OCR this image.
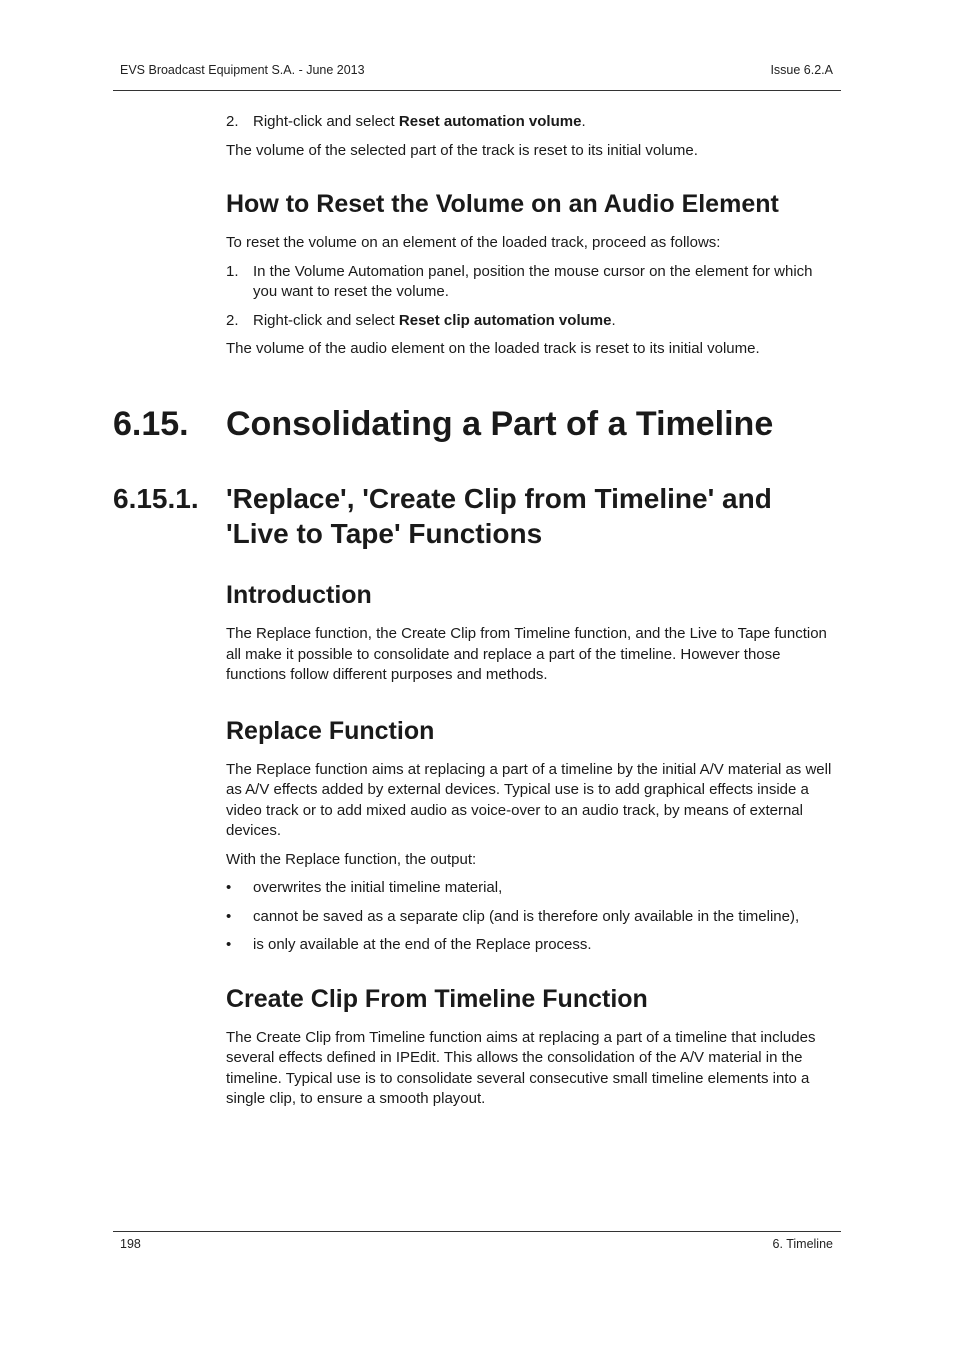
EVS Broadcast Equipment S.A. - June 2013	Issue 6.2.A
2. Right-click and select Reset automation volume.

The volume of the selected part of the track is reset to its initial volume.

How to Reset the Volume on an Audio Element

To reset the volume on an element of the loaded track, proceed as follows:

1. In the Volume Automation panel, position the mouse cursor on the element for which you want to reset the volume.
2. Right-click and select Reset clip automation volume.

The volume of the audio element on the loaded track is reset to its initial volume.

6.15.	Consolidating a Part of a Timeline
6.15.1. 'Replace', 'Create Clip from Timeline' and 'Live to Tape' Functions
Introduction

The Replace function, the Create Clip from Timeline function, and the Live to Tape function all make it possible to consolidate and replace a part of the timeline. However those functions follow different purposes and methods.

Replace Function

The Replace function aims at replacing a part of a timeline by the initial A/V material as well as A/V effects added by external devices. Typical use is to add graphical effects inside a video track or to add mixed audio as voice-over to an audio track, by means of external devices.

With the Replace function, the output:

• overwrites the initial timeline material,
• cannot be saved as a separate clip (and is therefore only available in the timeline),
• is only available at the end of the Replace process.
Create Clip From Timeline Function

The Create Clip from Timeline function aims at replacing a part of a timeline that includes several effects defined in IPEdit. This allows the consolidation of the A/V material in the timeline. Typical use is to consolidate several consecutive small timeline elements into a single clip, to ensure a smooth playout.

198	6. Timeline
